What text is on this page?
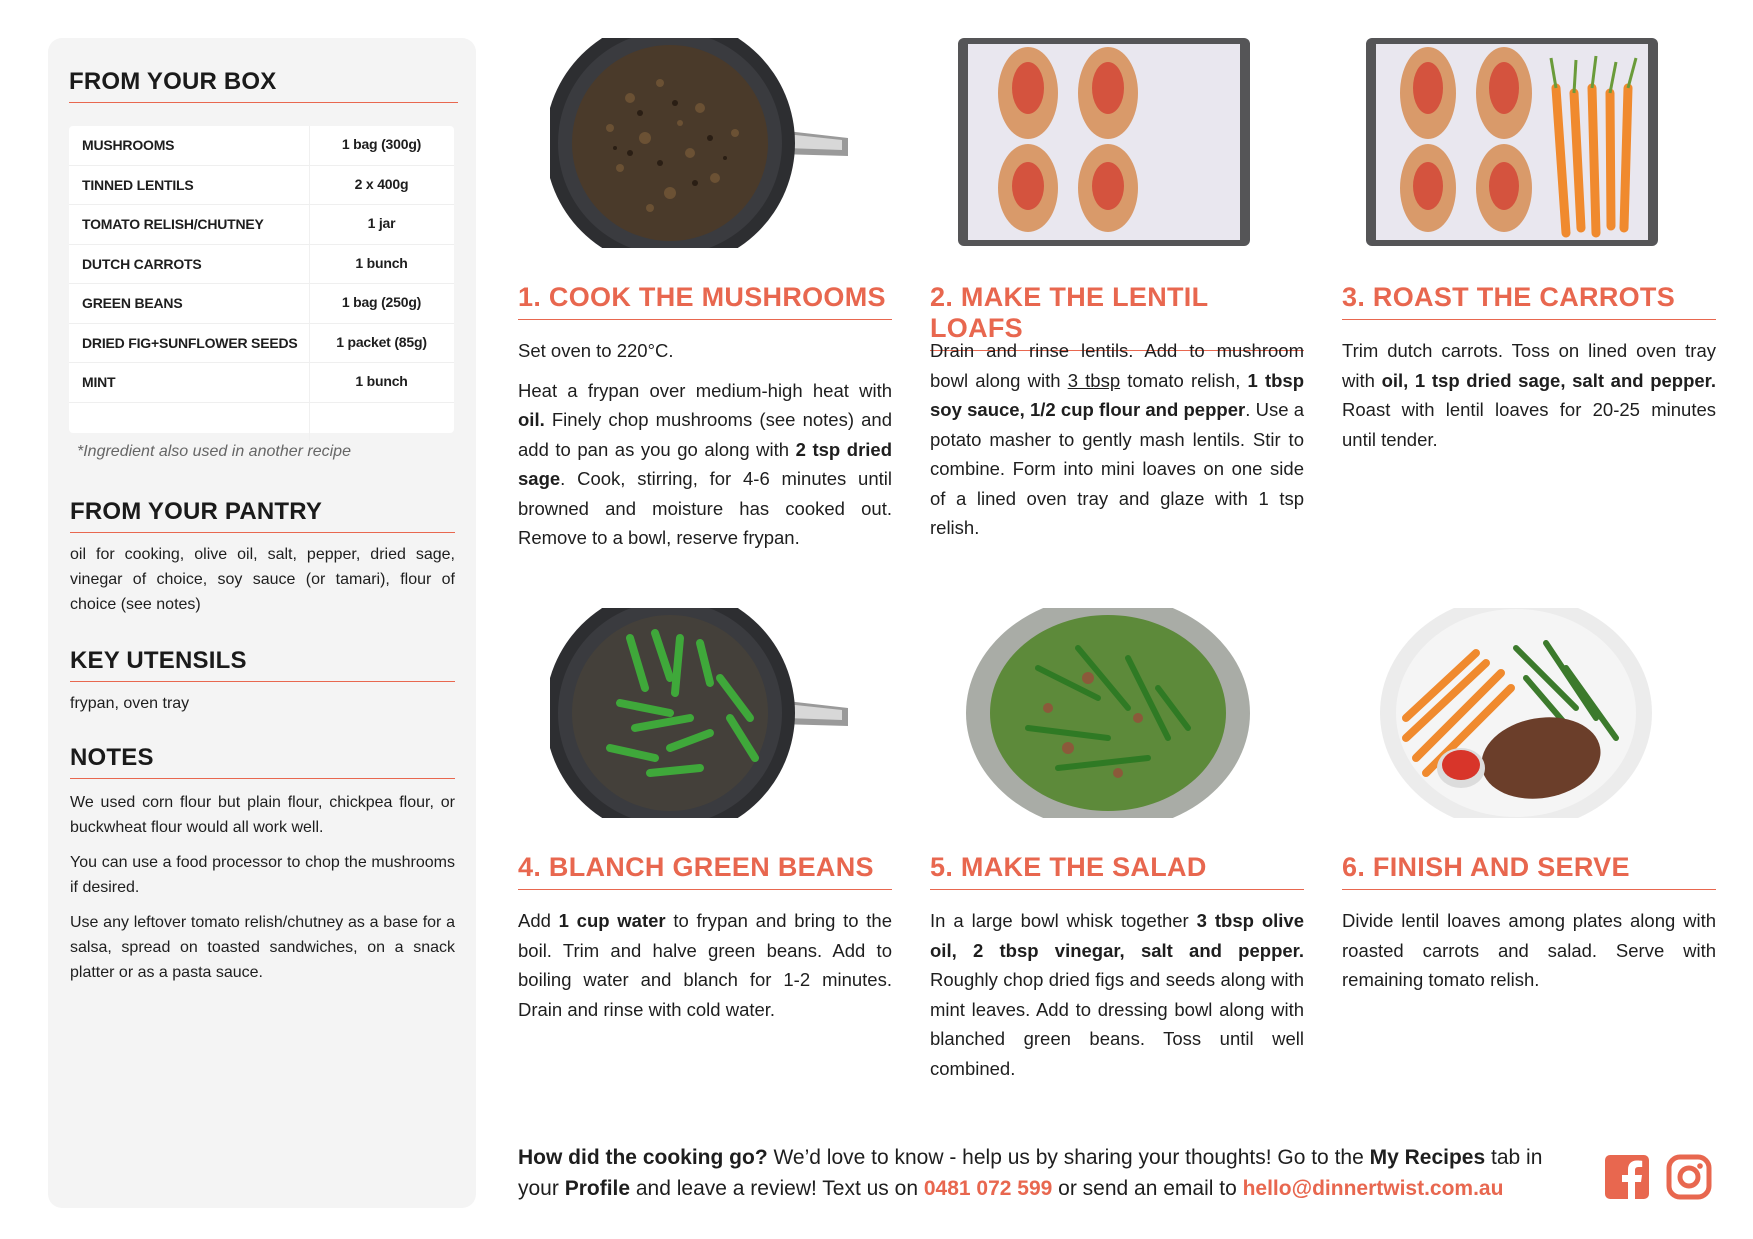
FROM YOUR BOX
MUSHROOMS	1 bag (300g)
TINNED LENTILS	2 x 400g
TOMATO RELISH/CHUTNEY	1 jar
DUTCH CARROTS	1 bunch
GREEN BEANS	1 bag (250g)
DRIED FIG+SUNFLOWER SEEDS	1 packet (85g)
MINT	1 bunch
*Ingredient also used in another recipe
FROM YOUR PANTRY
oil for cooking, olive oil, salt, pepper, dried sage, vinegar of choice, soy sauce (or tamari), flour of choice (see notes)
KEY UTENSILS
frypan, oven tray
NOTES

We used corn flour but plain flour, chickpea flour, or buckwheat flour would all work well.

You can use a food processor to chop the mushrooms if desired.

Use any leftover tomato relish/chutney as a base for a salsa, spread on toasted sandwiches, on a snack platter or as a pasta sauce.

1. COOK THE MUSHROOMS

Set oven to 220°C.

Heat a frypan over medium-high heat with oil. Finely chop mushrooms (see notes) and add to pan as you go along with 2 tsp dried sage. Cook, stirring, for 4-6 minutes until browned and moisture has cooked out. Remove to a bowl, reserve frypan.

2. MAKE THE LENTIL LOAFS

Drain and rinse lentils. Add to mushroom bowl along with 3 tbsp tomato relish, 1 tbsp soy sauce, 1/2 cup flour and pepper. Use a potato masher to gently mash lentils. Stir to combine. Form into mini loaves on one side of a lined oven tray and glaze with 1 tsp relish.

3. ROAST THE CARROTS

Trim dutch carrots. Toss on lined oven tray with oil, 1 tsp dried sage, salt and pepper. Roast with lentil loaves for 20-25 minutes until tender.

4. BLANCH GREEN BEANS

Add 1 cup water to frypan and bring to the boil. Trim and halve green beans. Add to boiling water and blanch for 1-2 minutes. Drain and rinse with cold water.

5. MAKE THE SALAD

In a large bowl whisk together 3 tbsp olive oil, 2 tbsp vinegar, salt and pepper. Roughly chop dried figs and seeds along with mint leaves. Add to dressing bowl along with blanched green beans. Toss until well combined.

6. FINISH AND SERVE

Divide lentil loaves among plates along with roasted carrots and salad. Serve with remaining tomato relish.

How did the cooking go? We’d love to know - help us by sharing your thoughts! Go to the My Recipes tab in your Profile and leave a review! Text us on 0481 072 599 or send an email to hello@dinnertwist.com.au
